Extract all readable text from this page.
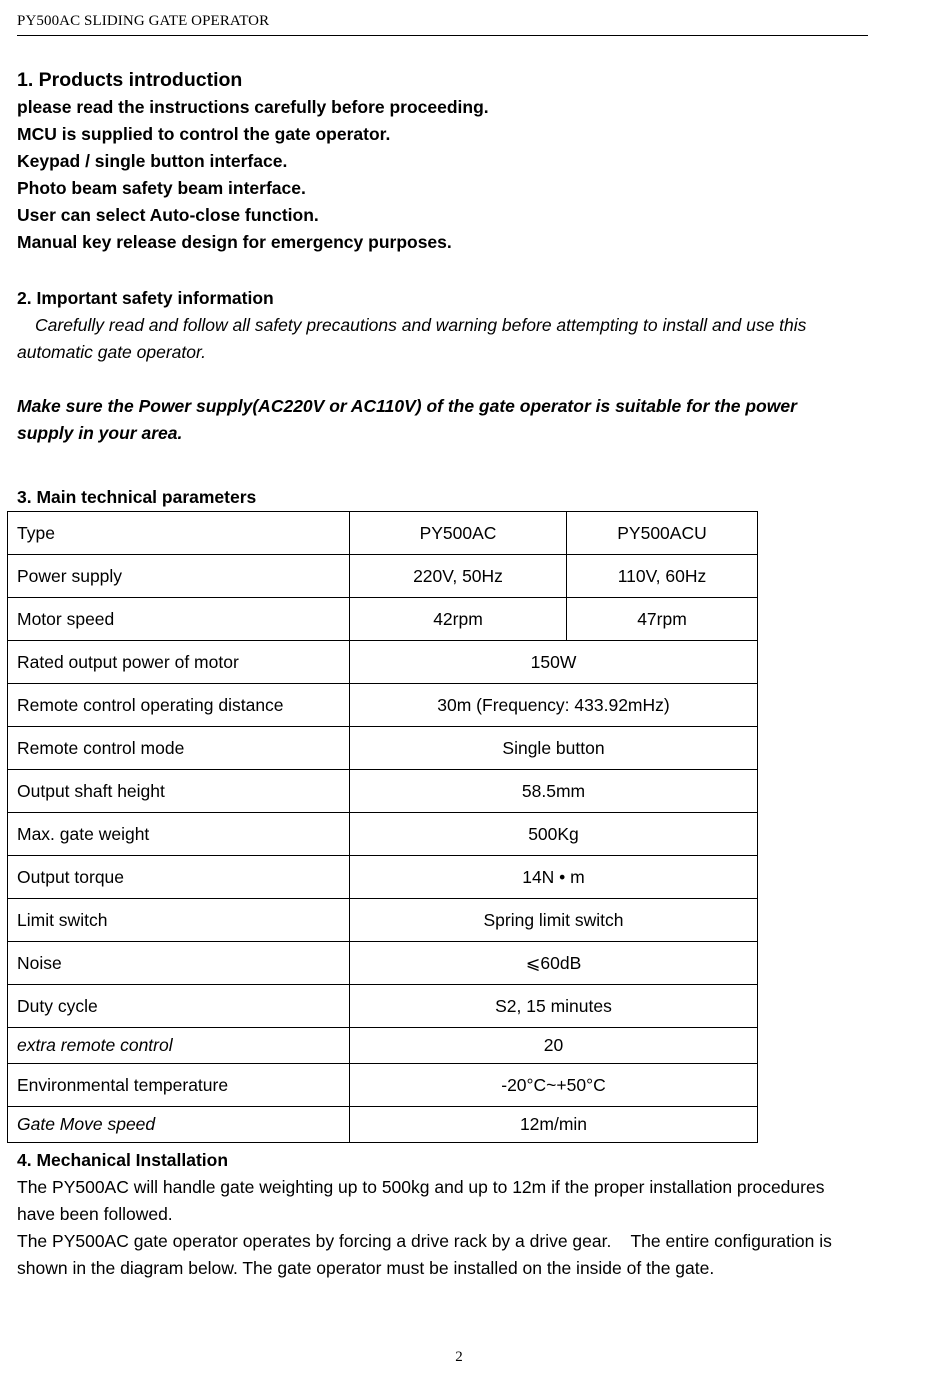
PY500AC SLIDING GATE OPERATOR
1. Products introduction
please read the instructions carefully before proceeding.
MCU is supplied to control the gate operator.
Keypad / single button interface.
Photo beam safety beam interface.
User can select Auto-close function.
Manual key release design for emergency purposes.
2. Important safety information
Carefully read and follow all safety precautions and warning before attempting to install and use this
automatic gate operator.
Make sure the Power supply(AC220V or AC110V) of the gate operator is suitable for the power
supply in your area.
3. Main technical parameters
Type	PY500AC	PY500ACU
Power supply	220V, 50Hz	110V, 60Hz
Motor speed	42rpm	47rpm
Rated output power of motor	150W	
Remote control operating distance	30m (Frequency: 433.92mHz)	
Remote control mode	Single button	
Output shaft height	58.5mm	
Max. gate weight	500Kg	
Output torque	14N • m	
Limit switch	Spring limit switch	
Noise	⩽60dB	
Duty cycle	S2, 15 minutes	
extra remote control	20	
Environmental temperature	-20°C~+50°C	
Gate Move speed	12m/min	
4. Mechanical Installation
The PY500AC will handle gate weighting up to 500kg and up to 12m if the proper installation procedures
have been followed.
The PY500AC gate operator operates by forcing a drive rack by a drive gear.    The entire configuration is
shown in the diagram below. The gate operator must be installed on the inside of the gate.
2
